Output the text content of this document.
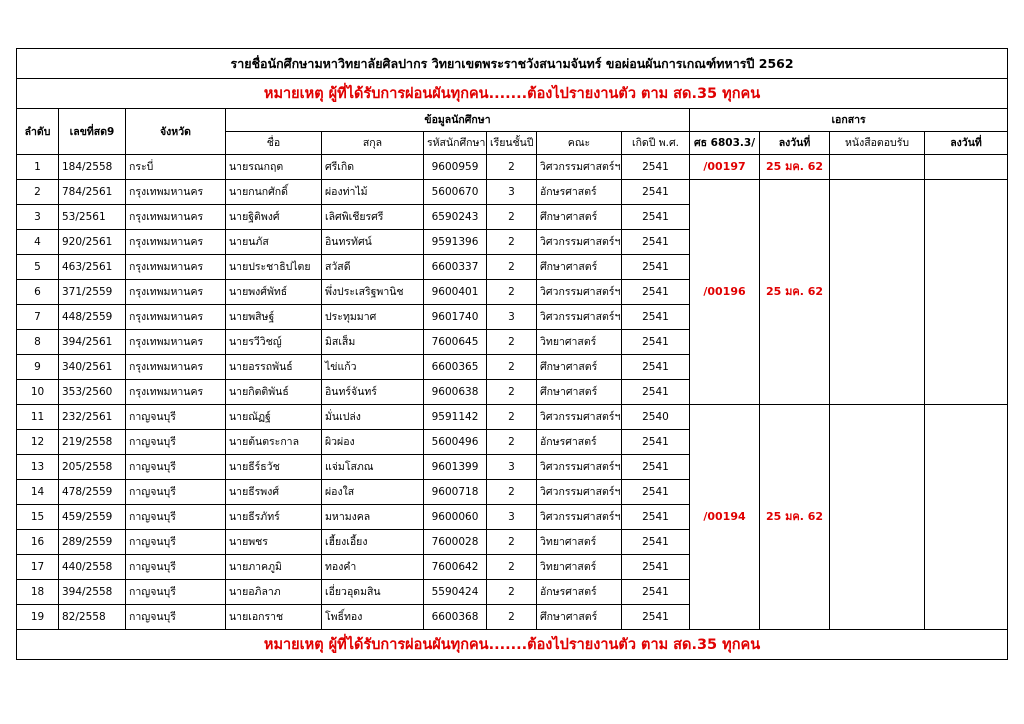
รายชื่อนักศึกษามหาวิทยาลัยศิลปากร วิทยาเขตพระราชวังสนามจันทร์ ขอผ่อนผันการเกณฑ์ทหารปี 2562												
หมายเหตุ ผู้ที่ได้รับการผ่อนผันทุกคน.......ต้องไปรายงานตัว ตาม สด.35 ทุกคน												
ลำดับ	เลขที่สด9	จังหวัด	ข้อมูลนักศึกษา						เอกสาร			
			ชื่อ	สกุล	รหัสนักศึกษา	เรียนชั้นปี	คณะ	เกิดปี พ.ศ.	ศธ 6803.3/	ลงวันที่	หนังสือตอบรับ	ลงวันที่
1	184/2558	กระบี่	นายรณกฤต	ศรีเกิด	9600959	2	วิศวกรรมศาสตร์ฯ	2541	/00197	25 มค. 62		
2	784/2561	กรุงเทพมหานคร	นายกนกศักดิ์	ผ่องท่าไม้	5600670	3	อักษรศาสตร์	2541	/00196	25 มค. 62		
3	53/2561	กรุงเทพมหานคร	นายฐิติพงศ์	เลิศพิเชียรศรี	6590243	2	ศึกษาศาสตร์	2541				
4	920/2561	กรุงเทพมหานคร	นายนภัส	อินทรทัศน์	9591396	2	วิศวกรรมศาสตร์ฯ	2541				
5	463/2561	กรุงเทพมหานคร	นายประชาธิปไตย	สวัสดี	6600337	2	ศึกษาศาสตร์	2541				
6	371/2559	กรุงเทพมหานคร	นายพงศ์พัทธ์	พึ่งประเสริฐพานิช	9600401	2	วิศวกรรมศาสตร์ฯ	2541				
7	448/2559	กรุงเทพมหานคร	นายพสิษฐ์	ประทุมมาศ	9601740	3	วิศวกรรมศาสตร์ฯ	2541				
8	394/2561	กรุงเทพมหานคร	นายรวีวิชญ์	มิสเส็ม	7600645	2	วิทยาศาสตร์	2541				
9	340/2561	กรุงเทพมหานคร	นายอรรถพันธ์	ไข่แก้ว	6600365	2	ศึกษาศาสตร์	2541				
10	353/2560	กรุงเทพมหานคร	นายกิตติพันธ์	อินทร์จันทร์	9600638	2	ศึกษาศาสตร์	2541				
11	232/2561	กาญจนบุรี	นายณัฏฐ์	มั่นเปล่ง	9591142	2	วิศวกรรมศาสตร์ฯ	2540	/00194	25 มค. 62		
12	219/2558	กาญจนบุรี	นายต้นตระกาล	ผิวผ่อง	5600496	2	อักษรศาสตร์	2541				
13	205/2558	กาญจนบุรี	นายธีร์ธวัช	แจ่มโสภณ	9601399	3	วิศวกรรมศาสตร์ฯ	2541				
14	478/2559	กาญจนบุรี	นายธีรพงศ์	ผ่องใส	9600718	2	วิศวกรรมศาสตร์ฯ	2541				
15	459/2559	กาญจนบุรี	นายธีรภัทร์	มหามงคล	9600060	3	วิศวกรรมศาสตร์ฯ	2541				
16	289/2559	กาญจนบุรี	นายพชร	เฮี้ยงเอี้ยง	7600028	2	วิทยาศาสตร์	2541				
17	440/2558	กาญจนบุรี	นายภาคภูมิ	ทองคำ	7600642	2	วิทยาศาสตร์	2541				
18	394/2558	กาญจนบุรี	นายอภิลาภ	เอี่ยวอุดมสิน	5590424	2	อักษรศาสตร์	2541				
19	82/2558	กาญจนบุรี	นายเอกราช	โพธิ์ทอง	6600368	2	ศึกษาศาสตร์	2541				
หมายเหตุ ผู้ที่ได้รับการผ่อนผันทุกคน.......ต้องไปรายงานตัว ตาม สด.35 ทุกคน												
